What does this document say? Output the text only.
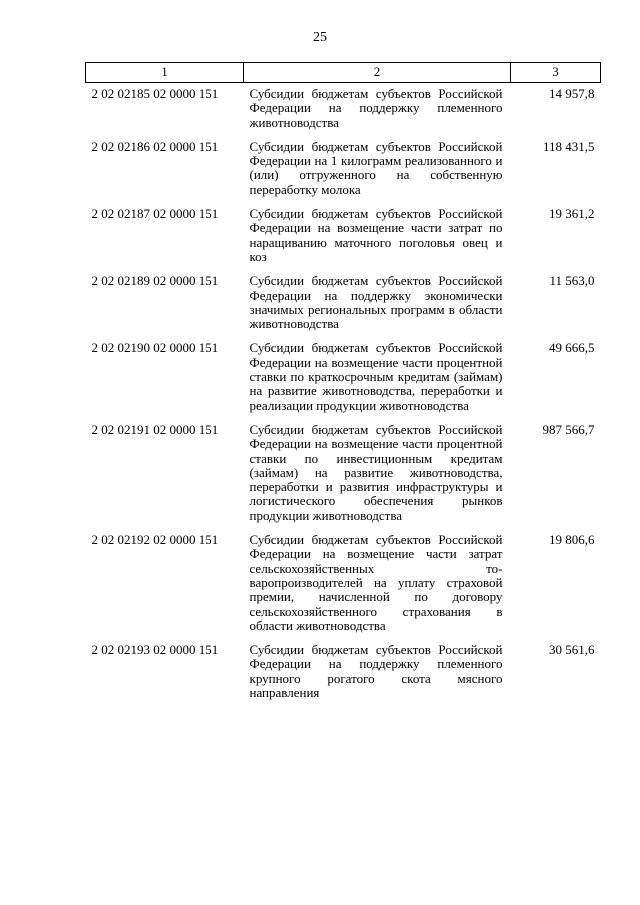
25
1	2	3
2 02 02185 02 0000 151	Субсидии бюджетам субъектов Российской Федерации на поддержку племенного животноводства	14 957,8
2 02 02186 02 0000 151	Субсидии бюджетам субъектов Российской Федерации на 1 килограмм реализованного и (или) отгруженного на собственную переработку молока	118 431,5
2 02 02187 02 0000 151	Субсидии бюджетам субъектов Российской Федерации на возмещение части затрат по наращиванию маточного поголовья овец и коз	19 361,2
2 02 02189 02 0000 151	Субсидии бюджетам субъектов Российской Федерации на поддержку экономически значимых региональных программ в области животноводства	11 563,0
2 02 02190 02 0000 151	Субсидии бюджетам субъектов Российской Федерации на возмещение части процентной ставки по краткосрочным кредитам (займам) на развитие животноводства, переработки и реализации продукции животноводства	49 666,5
2 02 02191 02 0000 151	Субсидии бюджетам субъектов Российской Федерации на возмещение части процентной ставки по инвестиционным кредитам (займам) на развитие животноводства, переработки и развития инфраструктуры и логистического обеспечения рынков продукции животноводства	987 566,7
2 02 02192 02 0000 151	Субсидии бюджетам субъектов Российской Федерации на возмещение части затрат сельскохозяйственных товаропроизводителей на уплату страховой премии, начисленной по договору сельскохозяйственного страхования в области животноводства	19 806,6
2 02 02193 02 0000 151	Субсидии бюджетам субъектов Российской Федерации на поддержку племенного крупного рогатого скота мясного направления	30 561,6
